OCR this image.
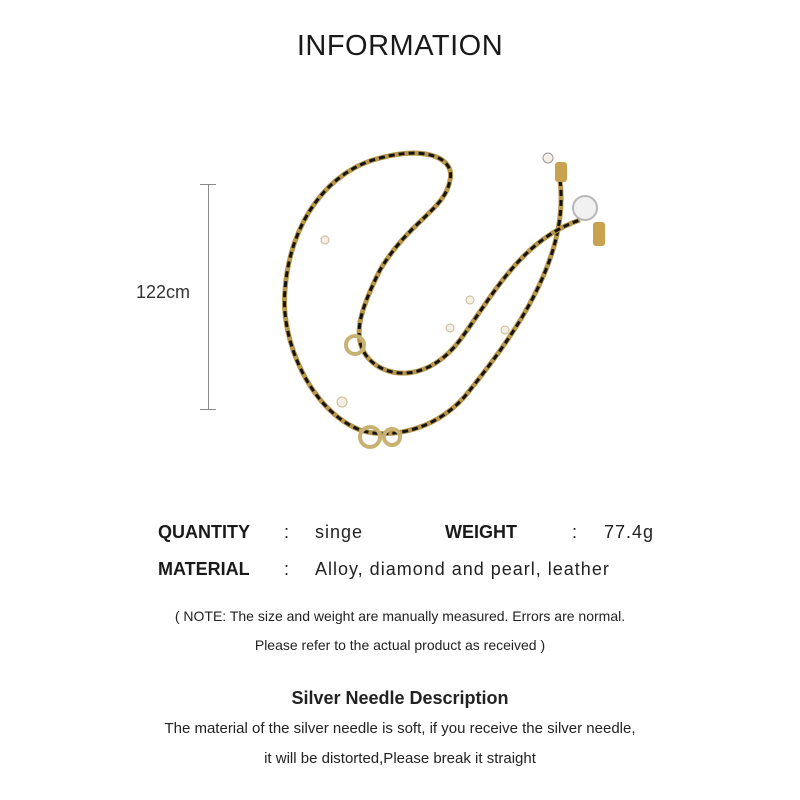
INFORMATION
122cm
QUANTITY : singe	WEIGHT	: 77.4g
MATERIAL : Alloy, diamond and pearl, leather
( NOTE: The size and weight are manually measured. Errors are normal.
Please refer to the actual product as received )
Silver Needle Description
The material of the silver needle is soft, if you receive the silver needle,
it will be distorted,Please break it straight
